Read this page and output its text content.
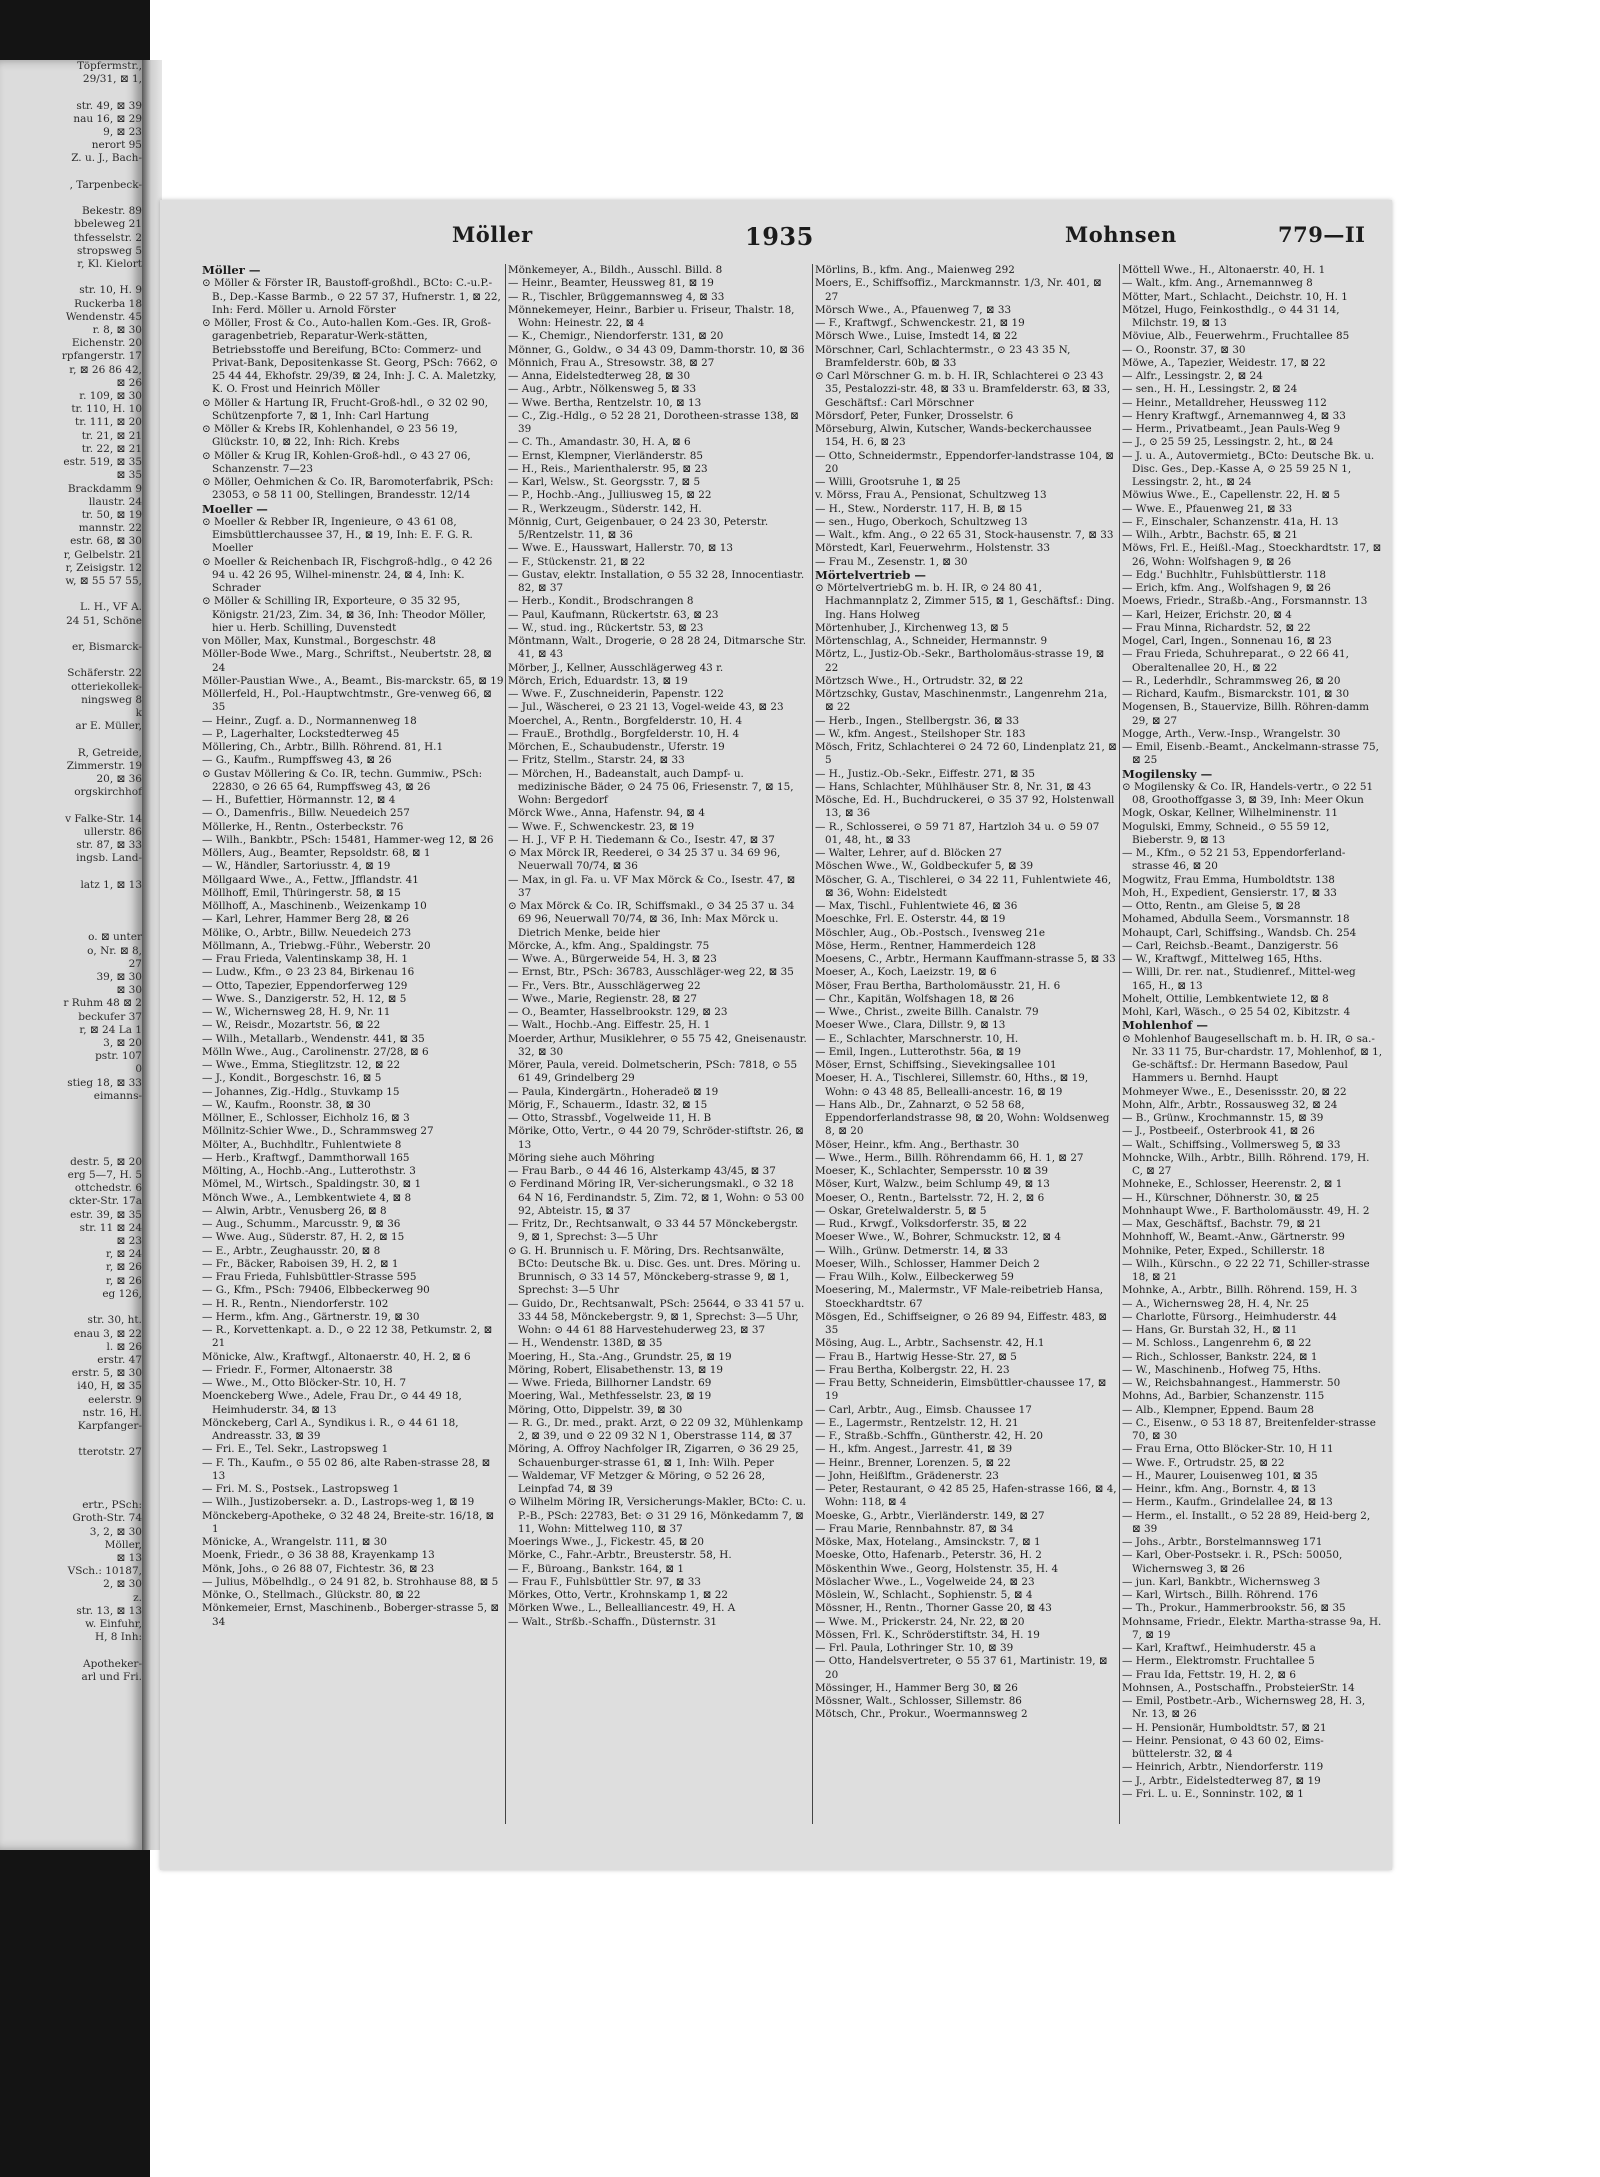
Töpfermstr.,
29/31, ⊠ 1,

str. 49, ⊠ 39
nau 16, ⊠ 29
9, ⊠ 23
nerort 95
Z. u. J., Bach-

, Tarpenbeck-

Bekestr. 89
bbeleweg 21
thfesselstr. 2
stropsweg 5
r, Kl. Kielort

str. 10, H. 9
Ruckerba 18
Wendenstr. 45
r. 8, ⊠ 30
Eichenstr. 20
rpfangerstr. 17
r, ⊠ 26 86 42,
⊠ 26
r. 109, ⊠ 30
tr. 110, H. 10
tr. 111, ⊠ 20
tr. 21, ⊠ 21
tr. 22, ⊠ 21
estr. 519, ⊠ 35
⊠ 35
Brackdamm 9
llaustr. 24
tr. 50, ⊠ 19
mannstr. 22
estr. 68, ⊠ 30
r, Gelbelstr. 21
r, Zeisigstr. 12
w, ⊠ 55 57 55,

L. H., VF A.
24 51, Schöne

er, Bismarck-

Schäferstr. 22
otteriekollek-
ningsweg 8
k
ar E. Müller,

R, Getreide,
Zimmerstr. 19
20, ⊠ 36
orgskirchhof

v Falke-Str. 14
ullerstr. 86
str. 87, ⊠ 33
ingsb. Land-

latz 1, ⊠ 13

o. ⊠ unter
o, Nr. ⊠ 8,
27
39, ⊠ 30
⊠ 30
r Ruhm 48 ⊠ 2
beckufer 37
r, ⊠ 24 La 1
3, ⊠ 20
pstr. 107
0
stieg 18, ⊠ 33
eimanns-

destr. 5, ⊠ 20
erg 5—7, H. 5
ottchedstr. 6
ckter-Str. 17a
estr. 39, ⊠ 35
str. 11 ⊠ 24
⊠ 23
r, ⊠ 24
r, ⊠ 26
r, ⊠ 26
eg 126,

str. 30, ht.
enau 3, ⊠ 22
l. ⊠ 26
erstr. 47
erstr. 5, ⊠ 30
i40, H, ⊠ 35
eelerstr. 9
nstr. 16, H.
Karpfanger-

tterotstr. 27

ertr., PSch:
Groth-Str. 74
3, 2, ⊠ 30
Möller,
⊠ 13
VSch.: 10187,
2, ⊠ 30
z.
str. 13, ⊠ 13
w. Einfuhr,
H, 8 Inh:

Apotheker-
arl und Fri.
Möller	1935	Mohnsen	779—II
Möller —
⊙ Möller & Förster IR, Baustoff-großhdl., BCto: C.-u.P.-B., Dep.-Kasse Barmb., ⊙ 22 57 37, Hufnerstr. 1, ⊠ 22, Inh: Ferd. Möller u. Arnold Förster
⊙ Möller, Frost & Co., Auto-hallen Kom.-Ges. IR, Groß-garagenbetrieb, Reparatur-Werk-stätten, Betriebsstoffe und Bereifung, BCto: Commerz- und Privat-Bank, Depositenkasse St. Georg, PSch: 7662, ⊙ 25 44 44, Ekhofstr. 29/39, ⊠ 24, Inh: J. C. A. Maletzky, K. O. Frost und Heinrich Möller
⊙ Möller & Hartung IR, Frucht-Groß-hdl., ⊙ 32 02 90, Schützenpforte 7, ⊠ 1, Inh: Carl Hartung
⊙ Möller & Krebs IR, Kohlenhandel, ⊙ 23 56 19, Glückstr. 10, ⊠ 22, Inh: Rich. Krebs
⊙ Möller & Krug IR, Kohlen-Groß-hdl., ⊙ 43 27 06, Schanzenstr. 7—23
⊙ Möller, Oehmichen & Co. IR, Baromoterfabrik, PSch: 23053, ⊙ 58 11 00, Stellingen, Brandesstr. 12/14
Moeller —
⊙ Moeller & Rebber IR, Ingenieure, ⊙ 43 61 08, Eimsbüttlerchaussee 37, H., ⊠ 19, Inh: E. F. G. R. Moeller
⊙ Moeller & Reichenbach IR, Fischgroß-hdlg., ⊙ 42 26 94 u. 42 26 95, Wilhel-minenstr. 24, ⊠ 4, Inh: K. Schrader
⊙ Möller & Schilling IR, Exporteure, ⊙ 35 32 95, Königstr. 21/23, Zim. 34, ⊠ 36, Inh: Theodor Möller, hier u. Herb. Schilling, Duvenstedt
von Möller, Max, Kunstmal., Borgeschstr. 48
Möller-Bode Wwe., Marg., Schriftst., Neubertstr. 28, ⊠ 24
Möller-Paustian Wwe., A., Beamt., Bis-marckstr. 65, ⊠ 19
Möllerfeld, H., Pol.-Hauptwchtmstr., Gre-venweg 66, ⊠ 35
— Heinr., Zugf. a. D., Normannenweg 18
— P., Lagerhalter, Lockstedterweg 45
Möllering, Ch., Arbtr., Billh. Röhrend. 81, H.1
— G., Kaufm., Rumpffsweg 43, ⊠ 26
⊙ Gustav Möllering & Co. IR, techn. Gummiw., PSch: 22830, ⊙ 26 65 64, Rumpffsweg 43, ⊠ 26
— H., Bufettier, Hörmannstr. 12, ⊠ 4
— O., Damenfris., Billw. Neuedeich 257
Möllerke, H., Rentn., Osterbeckstr. 76
— Wilh., Bankbtr., PSch: 15481, Hammer-weg 12, ⊠ 26
Möllers, Aug., Beamter, Repsoldstr. 68, ⊠ 1
— W., Händler, Sartoriusstr. 4, ⊠ 19
Möllgaard Wwe., A., Fettw., Jfflandstr. 41
Möllhoff, Emil, Thüringerstr. 58, ⊠ 15
Möllhoff, A., Maschinenb., Weizenkamp 10
— Karl, Lehrer, Hammer Berg 28, ⊠ 26
Mölike, O., Arbtr., Billw. Neuedeich 273
Möllmann, A., Triebwg.-Führ., Weberstr. 20
— Frau Frieda, Valentinskamp 38, H. 1
— Ludw., Kfm., ⊙ 23 23 84, Birkenau 16
— Otto, Tapezier, Eppendorferweg 129
— Wwe. S., Danzigerstr. 52, H. 12, ⊠ 5
— W., Wichernsweg 28, H. 9, Nr. 11
— W., Reisdr., Mozartstr. 56, ⊠ 22
— Wilh., Metallarb., Wendenstr. 441, ⊠ 35
Mölln Wwe., Aug., Carolinenstr. 27/28, ⊠ 6
— Wwe., Emma, Stieglitzstr. 12, ⊠ 22
— J., Kondit., Borgeschstr. 16, ⊠ 5
— Johannes, Zig.-Hdlg., Stuvkamp 15
— W., Kaufm., Roonstr. 38, ⊠ 30
Möllner, E., Schlosser, Eichholz 16, ⊠ 3
Möllnitz-Schier Wwe., D., Schrammsweg 27
Mölter, A., Buchhdltr., Fuhlentwiete 8
— Herb., Kraftwgf., Dammthorwall 165
Mölting, A., Hochb.-Ang., Lutterothstr. 3
Mömel, M., Wirtsch., Spaldingstr. 30, ⊠ 1
Mönch Wwe., A., Lembkentwiete 4, ⊠ 8
— Alwin, Arbtr., Venusberg 26, ⊠ 8
— Aug., Schumm., Marcusstr. 9, ⊠ 36
— Wwe. Aug., Süderstr. 87, H. 2, ⊠ 15
— E., Arbtr., Zeughausstr. 20, ⊠ 8
— Fr., Bäcker, Raboisen 39, H. 2, ⊠ 1
— Frau Frieda, Fuhlsbüttler-Strasse 595
— G., Kfm., PSch: 79406, Elbbeckerweg 90
— H. R., Rentn., Niendorferstr. 102
— Herm., kfm. Ang., Gärtnerstr. 19, ⊠ 30
— R., Korvettenkapt. a. D., ⊙ 22 12 38, Petkumstr. 2, ⊠ 21
Mönicke, Alw., Kraftwgf., Altonaerstr. 40, H. 2, ⊠ 6
— Friedr. F., Former, Altonaerstr. 38
— Wwe., M., Otto Blöcker-Str. 10, H. 7
Moenckeberg Wwe., Adele, Frau Dr., ⊙ 44 49 18, Heimhuderstr. 34, ⊠ 13
Mönckeberg, Carl A., Syndikus i. R., ⊙ 44 61 18, Andreasstr. 33, ⊠ 39
— Fri. E., Tel. Sekr., Lastropsweg 1
— F. Th., Kaufm., ⊙ 55 02 86, alte Raben-strasse 28, ⊠ 13
— Fri. M. S., Postsek., Lastropsweg 1
— Wilh., Justizobersekr. a. D., Lastrops-weg 1, ⊠ 19
Mönckeberg-Apotheke, ⊙ 32 48 24, Breite-str. 16/18, ⊠ 1
Mönicke, A., Wrangelstr. 111, ⊠ 30
Moenk, Friedr., ⊙ 36 38 88, Krayenkamp 13
Mönk, Johs., ⊙ 26 88 07, Fichtestr. 36, ⊠ 23
— Julius, Möbelhdlg., ⊙ 24 91 82, b. Strohhause 88, ⊠ 5
Mönke, O., Stellmach., Glückstr. 80, ⊠ 22
Mönkemeier, Ernst, Maschinenb., Boberger-strasse 5, ⊠ 34
Mönkemeyer, A., Bildh., Ausschl. Billd. 8
— Heinr., Beamter, Heussweg 81, ⊠ 19
— R., Tischler, Brüggemannsweg 4, ⊠ 33
Mönnekemeyer, Heinr., Barbier u. Friseur, Thalstr. 18, Wohn: Heinestr. 22, ⊠ 4
— K., Chemigr., Niendorferstr. 131, ⊠ 20
Mönner, G., Goldw., ⊙ 34 43 09, Damm-thorstr. 10, ⊠ 36
Mönnich, Frau A., Stresowstr. 38, ⊠ 27
— Anna, Eidelstedterweg 28, ⊠ 30
— Aug., Arbtr., Nölkensweg 5, ⊠ 33
— Wwe. Bertha, Rentzelstr. 10, ⊠ 13
— C., Zig.-Hdlg., ⊙ 52 28 21, Dorotheen-strasse 138, ⊠ 39
— C. Th., Amandastr. 30, H. A, ⊠ 6
— Ernst, Klempner, Vierländerstr. 85
— H., Reis., Marienthalerstr. 95, ⊠ 23
— Karl, Welsw., St. Georgsstr. 7, ⊠ 5
— P., Hochb.-Ang., Julliusweg 15, ⊠ 22
— R., Werkzeugm., Süderstr. 142, H.
Mönnig, Curt, Geigenbauer, ⊙ 24 23 30, Peterstr. 5/Rentzelstr. 11, ⊠ 36
— Wwe. E., Hausswart, Hallerstr. 70, ⊠ 13
— F., Stückenstr. 21, ⊠ 22
— Gustav, elektr. Installation, ⊙ 55 32 28, Innocentiastr. 82, ⊠ 37
— Herb., Kondit., Brodschrangen 8
— Paul, Kaufmann, Rückertstr. 63, ⊠ 23
— W., stud. ing., Rückertstr. 53, ⊠ 23
Möntmann, Walt., Drogerie, ⊙ 28 28 24, Ditmarsche Str. 41, ⊠ 43
Mörber, J., Kellner, Ausschlägerweg 43 r.
Mörch, Erich, Eduardstr. 13, ⊠ 19
— Wwe. F., Zuschneiderin, Papenstr. 122
— Jul., Wäscherei, ⊙ 23 21 13, Vogel-weide 43, ⊠ 23
Moerchel, A., Rentn., Borgfelderstr. 10, H. 4
— FrauE., Brothdlg., Borgfelderstr. 10, H. 4
Mörchen, E., Schaubudenstr., Uferstr. 19
— Fritz, Stellm., Starstr. 24, ⊠ 33
— Mörchen, H., Badeanstalt, auch Dampf- u. medizinische Bäder, ⊙ 24 75 06, Friesenstr. 7, ⊠ 15, Wohn: Bergedorf
Mörck Wwe., Anna, Hafenstr. 94, ⊠ 4
— Wwe. F., Schwenckestr. 23, ⊠ 19
— H. J., VF P. H. Tiedemann & Co., Isestr. 47, ⊠ 37
⊙ Max Mörck IR, Reederei, ⊙ 34 25 37 u. 34 69 96, Neuerwall 70/74, ⊠ 36
— Max, in gl. Fa. u. VF Max Mörck & Co., Isestr. 47, ⊠ 37
⊙ Max Mörck & Co. IR, Schiffsmakl., ⊙ 34 25 37 u. 34 69 96, Neuerwall 70/74, ⊠ 36, Inh: Max Mörck u. Dietrich Menke, beide hier
Mörcke, A., kfm. Ang., Spaldingstr. 75
— Wwe. A., Bürgerweide 54, H. 3, ⊠ 23
— Ernst, Btr., PSch: 36783, Ausschläger-weg 22, ⊠ 35
— Fr., Vers. Btr., Ausschlägerweg 22
— Wwe., Marie, Regienstr. 28, ⊠ 27
— O., Beamter, Hasselbrookstr. 129, ⊠ 23
— Walt., Hochb.-Ang. Eiffestr. 25, H. 1
Moerder, Arthur, Musiklehrer, ⊙ 55 75 42, Gneisenaustr. 32, ⊠ 30
Mörer, Paula, vereid. Dolmetscherin, PSch: 7818, ⊙ 55 61 49, Grindelberg 29
— Paula, Kindergärtn., Hoheradeö ⊠ 19
Mörig, F., Schauerm., Idastr. 32, ⊠ 15
— Otto, Strassbf., Vogelweide 11, H. B
Mörike, Otto, Vertr., ⊙ 44 20 79, Schröder-stiftstr. 26, ⊠ 13
Möring siehe auch Möhring
— Frau Barb., ⊙ 44 46 16, Alsterkamp 43/45, ⊠ 37
⊙ Ferdinand Möring IR, Ver-sicherungsmakl., ⊙ 32 18 64 N 16, Ferdinandstr. 5, Zim. 72, ⊠ 1, Wohn: ⊙ 53 00 92, Abteistr. 15, ⊠ 37
— Fritz, Dr., Rechtsanwalt, ⊙ 33 44 57 Mönckebergstr. 9, ⊠ 1, Sprechst: 3—5 Uhr
⊙ G. H. Brunnisch u. F. Möring, Drs. Rechtsanwälte, BCto: Deutsche Bk. u. Disc. Ges. unt. Dres. Möring u. Brunnisch, ⊙ 33 14 57, Mönckeberg-strasse 9, ⊠ 1, Sprechst: 3—5 Uhr
— Guido, Dr., Rechtsanwalt, PSch: 25644, ⊙ 33 41 57 u. 33 44 58, Mönckebergstr. 9, ⊠ 1, Sprechst: 3—5 Uhr, Wohn: ⊙ 44 61 88 Harvestehuderweg 23, ⊠ 37
— H., Wendenstr. 138D, ⊠ 35
Moering, H., Sta.-Ang., Grundstr. 25, ⊠ 19
Möring, Robert, Elisabethenstr. 13, ⊠ 19
— Wwe. Frieda, Billhorner Landstr. 69
Moering, Wal., Methfesselstr. 23, ⊠ 19
Möring, Otto, Dippelstr. 39, ⊠ 30
— R. G., Dr. med., prakt. Arzt, ⊙ 22 09 32, Mühlenkamp 2, ⊠ 39, und ⊙ 22 09 32 N 1, Oberstrasse 114, ⊠ 37
Möring, A. Offroy Nachfolger IR, Zigarren, ⊙ 36 29 25, Schauenburger-strasse 61, ⊠ 1, Inh: Wilh. Peper
— Waldemar, VF Metzger & Möring, ⊙ 52 26 28, Leinpfad 74, ⊠ 39
⊙ Wilhelm Möring IR, Versicherungs-Makler, BCto: C. u. P.-B., PSch: 22783, Bet: ⊙ 31 29 16, Mönkedamm 7, ⊠ 11, Wohn: Mittelweg 110, ⊠ 37
Moerings Wwe., J., Fickestr. 45, ⊠ 20
Mörke, C., Fahr.-Arbtr., Breusterstr. 58, H.
— F., Büroang., Bankstr. 164, ⊠ 1
— Frau F., Fuhlsbüttler Str. 97, ⊠ 33
Mörkes, Otto, Vertr., Krohnskamp 1, ⊠ 22
Mörken Wwe., L., Bellealliancestr. 49, H. A
— Walt., Strßb.-Schaffn., Düsternstr. 31
Mörlins, B., kfm. Ang., Maienweg 292
Moers, E., Schiffsoffiz., Marckmannstr. 1/3, Nr. 401, ⊠ 27
Mörsch Wwe., A., Pfauenweg 7, ⊠ 33
— F., Kraftwgf., Schwenckestr. 21, ⊠ 19
Mörsch Wwe., Luise, Imstedt 14, ⊠ 22
Mörschner, Carl, Schlachtermstr., ⊙ 23 43 35 N, Bramfelderstr. 60b, ⊠ 33
⊙ Carl Mörschner G. m. b. H. IR, Schlachterei ⊙ 23 43 35, Pestalozzi-str. 48, ⊠ 33 u. Bramfelderstr. 63, ⊠ 33, Geschäftsf.: Carl Mörschner
Mörsdorf, Peter, Funker, Drosselstr. 6
Mörseburg, Alwin, Kutscher, Wands-beckerchaussee 154, H. 6, ⊠ 23
— Otto, Schneidermstr., Eppendorfer-landstrasse 104, ⊠ 20
— Willi, Grootsruhe 1, ⊠ 25
v. Mörss, Frau A., Pensionat, Schultzweg 13
— H., Stew., Norderstr. 117, H. B, ⊠ 15
— sen., Hugo, Oberkoch, Schultzweg 13
— Walt., kfm. Ang., ⊙ 22 65 31, Stock-hausenstr. 7, ⊠ 33
Mörstedt, Karl, Feuerwehrm., Holstenstr. 33
— Frau M., Zesenstr. 1, ⊠ 30
Mörtelvertrieb —
⊙ MörtelvertriebG m. b. H. IR, ⊙ 24 80 41, Hachmannplatz 2, Zimmer 515, ⊠ 1, Geschäftsf.: Ding. Ing. Hans Holweg
Mörtenhuber, J., Kirchenweg 13, ⊠ 5
Mörtenschlag, A., Schneider, Hermannstr. 9
Mörtz, L., Justiz-Ob.-Sekr., Bartholomäus-strasse 19, ⊠ 22
Mörtzsch Wwe., H., Ortrudstr. 32, ⊠ 22
Mörtzschky, Gustav, Maschinenmstr., Langenrehm 21a, ⊠ 22
— Herb., Ingen., Stellbergstr. 36, ⊠ 33
— W., kfm. Angest., Steilshoper Str. 183
Mösch, Fritz, Schlachterei ⊙ 24 72 60, Lindenplatz 21, ⊠ 5
— H., Justiz.-Ob.-Sekr., Eiffestr. 271, ⊠ 35
— Hans, Schlachter, Mühlhäuser Str. 8, Nr. 31, ⊠ 43
Mösche, Ed. H., Buchdruckerei, ⊙ 35 37 92, Holstenwall 13, ⊠ 36
— R., Schlosserei, ⊙ 59 71 87, Hartzloh 34 u. ⊙ 59 07 01, 48, ht., ⊠ 33
— Walter, Lehrer, auf d. Blöcken 27
Möschen Wwe., W., Goldbeckufer 5, ⊠ 39
Möscher, G. A., Tischlerei, ⊙ 34 22 11, Fuhlentwiete 46, ⊠ 36, Wohn: Eidelstedt
— Max, Tischl., Fuhlentwiete 46, ⊠ 36
Moeschke, Frl. E. Osterstr. 44, ⊠ 19
Möschler, Aug., Ob.-Postsch., Ivensweg 21e
Möse, Herm., Rentner, Hammerdeich 128
Moesens, C., Arbtr., Hermann Kauffmann-strasse 5, ⊠ 33
Moeser, A., Koch, Laeizstr. 19, ⊠ 6
Möser, Frau Bertha, Bartholomäusstr. 21, H. 6
— Chr., Kapitän, Wolfshagen 18, ⊠ 26
— Wwe., Christ., zweite Billh. Canalstr. 79
Moeser Wwe., Clara, Dillstr. 9, ⊠ 13
— E., Schlachter, Marschnerstr. 10, H.
— Emil, Ingen., Lutterothstr. 56a, ⊠ 19
Möser, Ernst, Schiffsing., Sievekingsallee 101
Moeser, H. A., Tischlerei, Sillemstr. 60, Hths., ⊠ 19, Wohn: ⊙ 43 48 85, Bellealli-ancestr. 16, ⊠ 19
— Hans Alb., Dr., Zahnarzt, ⊙ 52 58 68, Eppendorferlandstrasse 98, ⊠ 20, Wohn: Woldsenweg 8, ⊠ 20
Möser, Heinr., kfm. Ang., Berthastr. 30
— Wwe., Herm., Billh. Röhrendamm 66, H. 1, ⊠ 27
Moeser, K., Schlachter, Sempersstr. 10 ⊠ 39
Möser, Kurt, Walzw., beim Schlump 49, ⊠ 13
Moeser, O., Rentn., Bartelsstr. 72, H. 2, ⊠ 6
— Oskar, Gretelwalderstr. 5, ⊠ 5
— Rud., Krwgf., Volksdorferstr. 35, ⊠ 22
Moeser Wwe., W., Bohrer, Schmuckstr. 12, ⊠ 4
— Wilh., Grünw. Detmerstr. 14, ⊠ 33
Moeser, Wilh., Schlosser, Hammer Deich 2
— Frau Wilh., Kolw., Eilbeckerweg 59
Moesering, M., Malermstr., VF Male-reibetrieb Hansa, Stoeckhardtstr. 67
Mösgen, Ed., Schiffseigner, ⊙ 26 89 94, Eiffestr. 483, ⊠ 35
Mösing, Aug. L., Arbtr., Sachsenstr. 42, H.1
— Frau B., Hartwig Hesse-Str. 27, ⊠ 5
— Frau Bertha, Kolbergstr. 22, H. 23
— Frau Betty, Schneiderin, Eimsbüttler-chaussee 17, ⊠ 19
— Carl, Arbtr., Aug., Eimsb. Chaussee 17
— E., Lagermstr., Rentzelstr. 12, H. 21
— F., Straßb.-Schffn., Güntherstr. 42, H. 20
— H., kfm. Angest., Jarrestr. 41, ⊠ 39
— Heinr., Brenner, Lorenzen. 5, ⊠ 22
— John, Heißlftm., Grädenerstr. 23
— Peter, Restaurant, ⊙ 42 85 25, Hafen-strasse 166, ⊠ 4, Wohn: 118, ⊠ 4
Moeske, G., Arbtr., Vierländerstr. 149, ⊠ 27
— Frau Marie, Rennbahnstr. 87, ⊠ 34
Möske, Max, Hotelang., Amsinckstr. 7, ⊠ 1
Moeske, Otto, Hafenarb., Peterstr. 36, H. 2
Möskenthin Wwe., Georg, Holstenstr. 35, H. 4
Möslacher Wwe., L., Vogelweide 24, ⊠ 23
Möslein, W., Schlacht., Sophienstr. 5, ⊠ 4
Mössner, H., Rentn., Thorner Gasse 20, ⊠ 43
— Wwe. M., Prickerstr. 24, Nr. 22, ⊠ 20
Mössen, Frl. K., Schröderstiftstr. 34, H. 19
— Frl. Paula, Lothringer Str. 10, ⊠ 39
— Otto, Handelsvertreter, ⊙ 55 37 61, Martinistr. 19, ⊠ 20
Mössinger, H., Hammer Berg 30, ⊠ 26
Mössner, Walt., Schlosser, Sillemstr. 86
Mötsch, Chr., Prokur., Woermannsweg 2
Möttell Wwe., H., Altonaerstr. 40, H. 1
— Walt., kfm. Ang., Arnemannweg 8
Mötter, Mart., Schlacht., Deichstr. 10, H. 1
Mötzel, Hugo, Feinkosthdlg., ⊙ 44 31 14, Milchstr. 19, ⊠ 13
Möviue, Alb., Feuerwehrm., Fruchtallee 85
— O., Roonstr. 37, ⊠ 30
Möwe, A., Tapezier, Weidestr. 17, ⊠ 22
— Alfr., Lessingstr. 2, ⊠ 24
— sen., H. H., Lessingstr. 2, ⊠ 24
— Heinr., Metalldreher, Heussweg 112
— Henry Kraftwgf., Arnemannweg 4, ⊠ 33
— Herm., Privatbeamt., Jean Pauls-Weg 9
— J., ⊙ 25 59 25, Lessingstr. 2, ht., ⊠ 24
— J. u. A., Autovermietg., BCto: Deutsche Bk. u. Disc. Ges., Dep.-Kasse A, ⊙ 25 59 25 N 1, Lessingstr. 2, ht., ⊠ 24
Möwius Wwe., E., Capellenstr. 22, H. ⊠ 5
— Wwe. E., Pfauenweg 21, ⊠ 33
— F., Einschaler, Schanzenstr. 41a, H. 13
— Wilh., Arbtr., Bachstr. 65, ⊠ 21
Möws, Frl. E., Heißl.-Mag., Stoeckhardtstr. 17, ⊠ 26, Wohn: Wolfshagen 9, ⊠ 26
— Edg.' Buchhltr., Fuhlsbüttlerstr. 118
— Erich, kfm. Ang., Wolfshagen 9, ⊠ 26
Moews, Friedr., Straßb.-Ang., Forsmannstr. 13
— Karl, Heizer, Erichstr. 20, ⊠ 4
— Frau Minna, Richardstr. 52, ⊠ 22
Mogel, Carl, Ingen., Sonnenau 16, ⊠ 23
— Frau Frieda, Schuhreparat., ⊙ 22 66 41, Oberaltenallee 20, H., ⊠ 22
— R., Lederhdlr., Schrammsweg 26, ⊠ 20
— Richard, Kaufm., Bismarckstr. 101, ⊠ 30
Mogensen, B., Stauervize, Billh. Röhren-damm 29, ⊠ 27
Mogge, Arth., Verw.-Insp., Wrangelstr. 30
— Emil, Eisenb.-Beamt., Anckelmann-strasse 75, ⊠ 25
Mogilensky —
⊙ Mogilensky & Co. IR, Handels-vertr., ⊙ 22 51 08, Groothoffgasse 3, ⊠ 39, Inh: Meer Okun
Mogk, Oskar, Kellner, Wilhelminenstr. 11
Mogulski, Emmy, Schneid., ⊙ 55 59 12, Bieberstr. 9, ⊠ 13
— M., Kfm., ⊙ 52 21 53, Eppendorferland-strasse 46, ⊠ 20
Mogwitz, Frau Emma, Humboldtstr. 138
Moh, H., Expedient, Gensierstr. 17, ⊠ 33
— Otto, Rentn., am Gleise 5, ⊠ 28
Mohamed, Abdulla Seem., Vorsmannstr. 18
Mohaupt, Carl, Schiffsing., Wandsb. Ch. 254
— Carl, Reichsb.-Beamt., Danzigerstr. 56
— W., Kraftwgf., Mittelweg 165, Hths.
— Willi, Dr. rer. nat., Studienref., Mittel-weg 165, H., ⊠ 13
Mohelt, Ottilie, Lembkentwiete 12, ⊠ 8
Mohl, Karl, Wäsch., ⊙ 25 54 02, Kibitzstr. 4
Mohlenhof —
⊙ Mohlenhof Baugesellschaft m. b. H. IR, ⊙ sa.-Nr. 33 11 75, Bur-chardstr. 17, Mohlenhof, ⊠ 1, Ge-schäftsf.: Dr. Hermann Basedow, Paul Hammers u. Bernhd. Haupt
Mohmeyer Wwe., E., Desenissstr. 20, ⊠ 22
Mohn, Alfr., Arbtr., Rossausweg 32, ⊠ 24
— B., Grünw., Krochmannstr. 15, ⊠ 39
— J., Postbeeif., Osterbrook 41, ⊠ 26
— Walt., Schiffsing., Vollmersweg 5, ⊠ 33
Mohncke, Wilh., Arbtr., Billh. Röhrend. 179, H. C, ⊠ 27
Mohneke, E., Schlosser, Heerenstr. 2, ⊠ 1
— H., Kürschner, Döhnerstr. 30, ⊠ 25
Mohnhaupt Wwe., F. Bartholomäusstr. 49, H. 2
— Max, Geschäftsf., Bachstr. 79, ⊠ 21
Mohnhoff, W., Beamt.-Anw., Gärtnerstr. 99
Mohnike, Peter, Exped., Schillerstr. 18
— Wilh., Kürschn., ⊙ 22 22 71, Schiller-strasse 18, ⊠ 21
Mohnke, A., Arbtr., Billh. Röhrend. 159, H. 3
— A., Wichernsweg 28, H. 4, Nr. 25
— Charlotte, Fürsorg., Heimhuderstr. 44
— Hans, Gr. Burstah 32, H., ⊠ 11
— M. Schloss., Langenrehm 6, ⊠ 22
— Rich., Schlosser, Bankstr. 224, ⊠ 1
— W., Maschinenb., Hofweg 75, Hths.
— W., Reichsbahnangest., Hammerstr. 50
Mohns, Ad., Barbier, Schanzenstr. 115
— Alb., Klempner, Eppend. Baum 28
— C., Eisenw., ⊙ 53 18 87, Breitenfelder-strasse 70, ⊠ 30
— Frau Erna, Otto Blöcker-Str. 10, H 11
— Wwe. F., Ortrudstr. 25, ⊠ 22
— H., Maurer, Louisenweg 101, ⊠ 35
— Heinr., kfm. Ang., Bornstr. 4, ⊠ 13
— Herm., Kaufm., Grindelallee 24, ⊠ 13
— Herm., el. Installt., ⊙ 52 28 89, Heid-berg 2, ⊠ 39
— Johs., Arbtr., Borstelmannsweg 171
— Karl, Ober-Postsekr. i. R., PSch: 50050, Wichernsweg 3, ⊠ 26
— jun. Karl, Bankbtr., Wichernsweg 3
— Karl, Wirtsch., Billh. Röhrend. 176
— Th., Prokur., Hammerbrookstr. 56, ⊠ 35
Mohnsame, Friedr., Elektr. Martha-strasse 9a, H. 7, ⊠ 19
— Karl, Kraftwf., Heimhuderstr. 45 a
— Herm., Elektromstr. Fruchtallee 5
— Frau Ida, Fettstr. 19, H. 2, ⊠ 6
Mohnsen, A., Postschaffn., ProbsteierStr. 14
— Emil, Postbetr.-Arb., Wichernsweg 28, H. 3, Nr. 13, ⊠ 26
— H. Pensionär, Humboldtstr. 57, ⊠ 21
— Heinr. Pensionat, ⊙ 43 60 02, Eims-büttelerstr. 32, ⊠ 4
— Heinrich, Arbtr., Niendorferstr. 119
— J., Arbtr., Eidelstedterweg 87, ⊠ 19
— Fri. L. u. E., Sonninstr. 102, ⊠ 1
